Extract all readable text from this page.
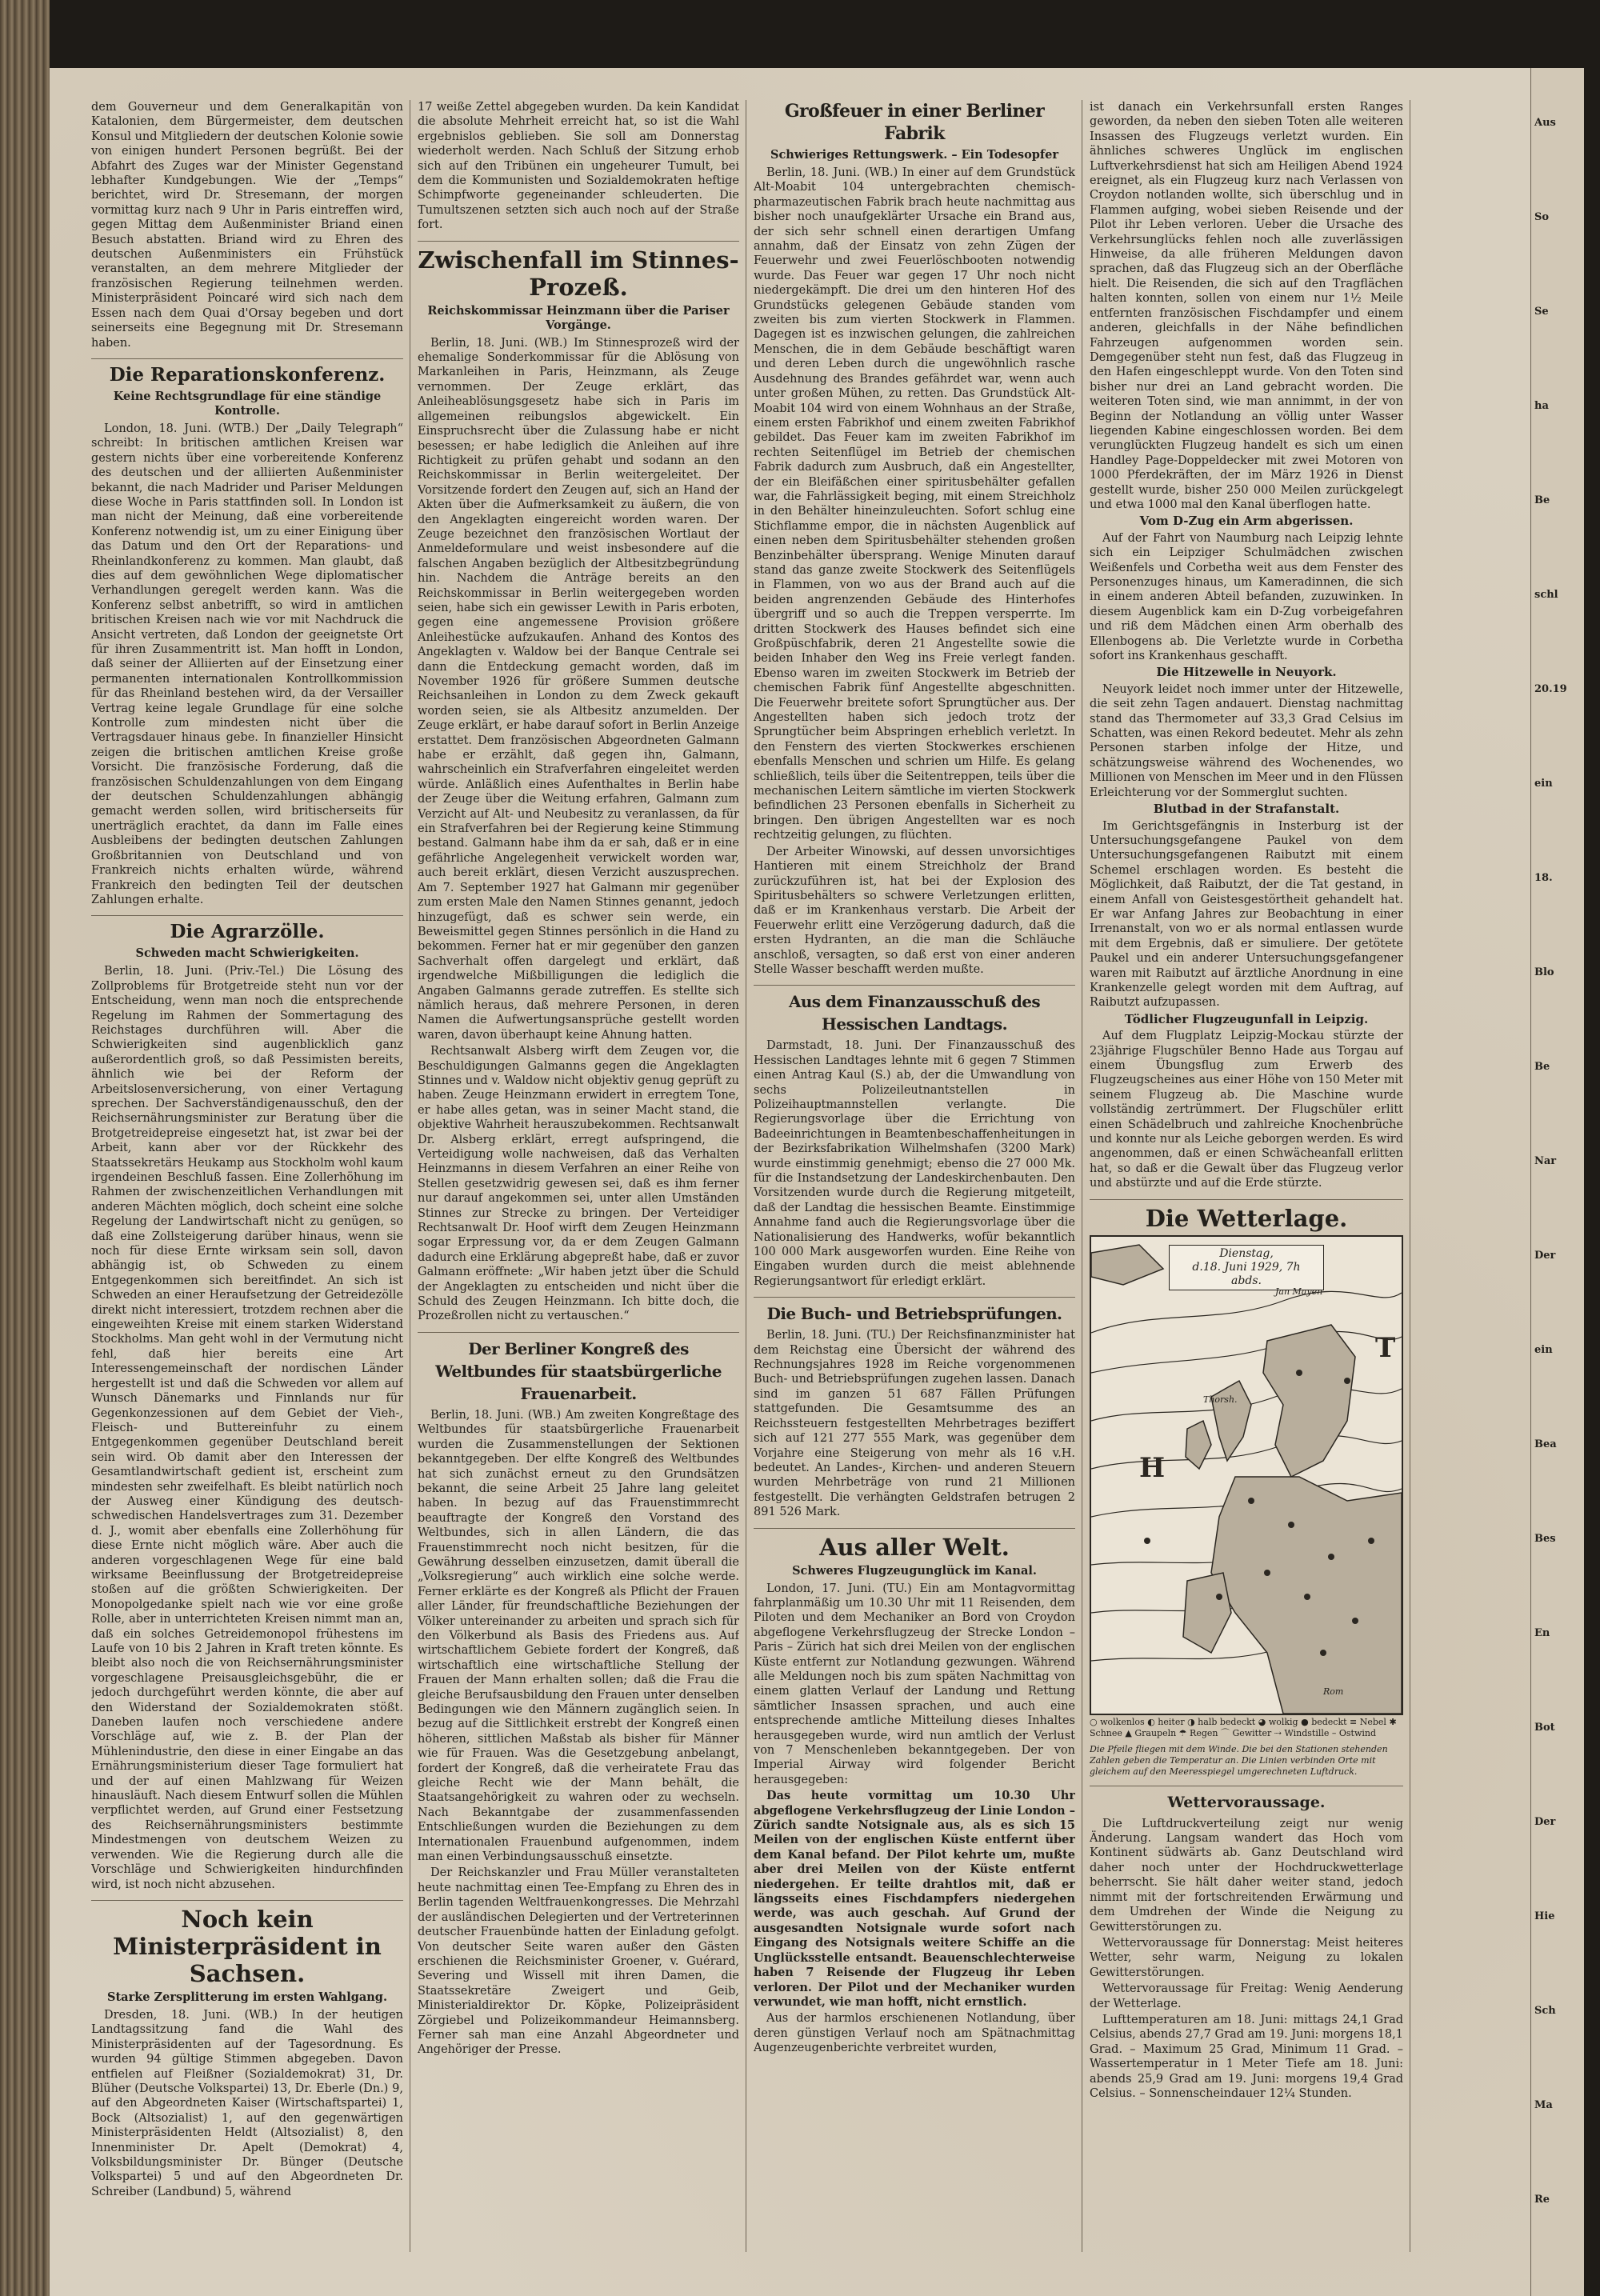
dem Gouverneur und dem Generalkapitän von Katalonien, dem Bürgermeister, dem deutschen Konsul und Mitgliedern der deutschen Kolonie sowie von einigen hundert Personen begrüßt. Bei der Abfahrt des Zuges war der Minister Gegenstand lebhafter Kundgebungen. Wie der „Temps“ berichtet, wird Dr. Stresemann, der morgen vormittag kurz nach 9 Uhr in Paris eintreffen wird, gegen Mittag dem Außenminister Briand einen Besuch abstatten. Briand wird zu Ehren des deutschen Außenministers ein Frühstück veranstalten, an dem mehrere Mitglieder der französischen Regierung teilnehmen werden. Ministerpräsident Poincaré wird sich nach dem Essen nach dem Quai d'Orsay begeben und dort seinerseits eine Begegnung mit Dr. Stresemann haben.

Die Reparationskonferenz.
Keine Rechtsgrundlage für eine ständige Kontrolle.

London, 18. Juni. (WTB.) Der „Daily Telegraph“ schreibt: In britischen amtlichen Kreisen war gestern nichts über eine vorbereitende Konferenz des deutschen und der alliierten Außenminister bekannt, die nach Madrider und Pariser Meldungen diese Woche in Paris stattfinden soll. In London ist man nicht der Meinung, daß eine vorbereitende Konferenz notwendig ist, um zu einer Einigung über das Datum und den Ort der Reparations- und Rheinlandkonferenz zu kommen. Man glaubt, daß dies auf dem gewöhnlichen Wege diplomatischer Verhandlungen geregelt werden kann. Was die Konferenz selbst anbetrifft, so wird in amtlichen britischen Kreisen nach wie vor mit Nachdruck die Ansicht vertreten, daß London der geeignetste Ort für ihren Zusammentritt ist. Man hofft in London, daß seiner der Alliierten auf der Einsetzung einer permanenten internationalen Kontrollkommission für das Rheinland bestehen wird, da der Versailler Vertrag keine legale Grundlage für eine solche Kontrolle zum mindesten nicht über die Vertragsdauer hinaus gebe. In finanzieller Hinsicht zeigen die britischen amtlichen Kreise große Vorsicht. Die französische Forderung, daß die französischen Schuldenzahlungen von dem Eingang der deutschen Schuldenzahlungen abhängig gemacht werden sollen, wird britischerseits für unerträglich erachtet, da dann im Falle eines Ausbleibens der bedingten deutschen Zahlungen Großbritannien von Deutschland und von Frankreich nichts erhalten würde, während Frankreich den bedingten Teil der deutschen Zahlungen erhalte.

Die Agrarzölle.
Schweden macht Schwierigkeiten.

Berlin, 18. Juni. (Priv.-Tel.) Die Lösung des Zollproblems für Brotgetreide steht nun vor der Entscheidung, wenn man noch die entsprechende Regelung im Rahmen der Sommertagung des Reichstages durchführen will. Aber die Schwierigkeiten sind augenblicklich ganz außerordentlich groß, so daß Pessimisten bereits, ähnlich wie bei der Reform der Arbeitslosenversicherung, von einer Vertagung sprechen. Der Sachverständigenausschuß, den der Reichsernährungsminister zur Beratung über die Brotgetreidepreise eingesetzt hat, ist zwar bei der Arbeit, kann aber vor der Rückkehr des Staatssekretärs Heukamp aus Stockholm wohl kaum irgendeinen Beschluß fassen. Eine Zollerhöhung im Rahmen der zwischenzeitlichen Verhandlungen mit anderen Mächten möglich, doch scheint eine solche Regelung der Landwirtschaft nicht zu genügen, so daß eine Zollsteigerung darüber hinaus, wenn sie noch für diese Ernte wirksam sein soll, davon abhängig ist, ob Schweden zu einem Entgegenkommen sich bereitfindet. An sich ist Schweden an einer Heraufsetzung der Getreidezölle direkt nicht interessiert, trotzdem rechnen aber die eingeweihten Kreise mit einem starken Widerstand Stockholms. Man geht wohl in der Vermutung nicht fehl, daß hier bereits eine Art Interessengemeinschaft der nordischen Länder hergestellt ist und daß die Schweden vor allem auf Wunsch Dänemarks und Finnlands nur für Gegenkonzessionen auf dem Gebiet der Vieh-, Fleisch- und Buttereinfuhr zu einem Entgegenkommen gegenüber Deutschland bereit sein wird. Ob damit aber den Interessen der Gesamtlandwirtschaft gedient ist, erscheint zum mindesten sehr zweifelhaft. Es bleibt natürlich noch der Ausweg einer Kündigung des deutsch-schwedischen Handelsvertrages zum 31. Dezember d. J., womit aber ebenfalls eine Zollerhöhung für diese Ernte nicht möglich wäre. Aber auch die anderen vorgeschlagenen Wege für eine bald wirksame Beeinflussung der Brotgetreidepreise stoßen auf die größten Schwierigkeiten. Der Monopolgedanke spielt nach wie vor eine große Rolle, aber in unterrichteten Kreisen nimmt man an, daß ein solches Getreidemonopol frühestens im Laufe von 10 bis 2 Jahren in Kraft treten könnte. Es bleibt also noch die von Reichsernährungsminister vorgeschlagene Preisausgleichsgebühr, die er jedoch durchgeführt werden könnte, die aber auf den Widerstand der Sozialdemokraten stößt. Daneben laufen noch verschiedene andere Vorschläge auf, wie z. B. der Plan der Mühlenindustrie, den diese in einer Eingabe an das Ernährungsministerium dieser Tage formuliert hat und der auf einen Mahlzwang für Weizen hinausläuft. Nach diesem Entwurf sollen die Mühlen verpflichtet werden, auf Grund einer Festsetzung des Reichsernährungsministers bestimmte Mindestmengen von deutschem Weizen zu verwenden. Wie die Regierung durch alle die Vorschläge und Schwierigkeiten hindurchfinden wird, ist noch nicht abzusehen.

Noch kein Ministerpräsident in Sachsen.
Starke Zersplitterung im ersten Wahlgang.

Dresden, 18. Juni. (WB.) In der heutigen Landtagssitzung fand die Wahl des Ministerpräsidenten auf der Tagesordnung. Es wurden 94 gültige Stimmen abgegeben. Davon entfielen auf Fleißner (Sozialdemokrat) 31, Dr. Blüher (Deutsche Volkspartei) 13, Dr. Eberle (Dn.) 9, auf den Abgeordneten Kaiser (Wirtschaftspartei) 1, Bock (Altsozialist) 1, auf den gegenwärtigen Ministerpräsidenten Heldt (Altsozialist) 8, den Innenminister Dr. Apelt (Demokrat) 4, Volksbildungsminister Dr. Bünger (Deutsche Volkspartei) 5 und auf den Abgeordneten Dr. Schreiber (Landbund) 5, während

17 weiße Zettel abgegeben wurden. Da kein Kandidat die absolute Mehrheit erreicht hat, so ist die Wahl ergebnislos geblieben. Sie soll am Donnerstag wiederholt werden. Nach Schluß der Sitzung erhob sich auf den Tribünen ein ungeheurer Tumult, bei dem die Kommunisten und Sozialdemokraten heftige Schimpfworte gegeneinander schleuderten. Die Tumultszenen setzten sich auch noch auf der Straße fort.

Zwischenfall im Stinnes-Prozeß.
Reichskommissar Heinzmann über die Pariser Vorgänge.

Berlin, 18. Juni. (WB.) Im Stinnesprozeß wird der ehemalige Sonderkommissar für die Ablösung von Markanleihen in Paris, Heinzmann, als Zeuge vernommen. Der Zeuge erklärt, das Anleiheablösungsgesetz habe sich in Paris im allgemeinen reibungslos abgewickelt. Ein Einspruchsrecht über die Zulassung habe er nicht besessen; er habe lediglich die Anleihen auf ihre Richtigkeit zu prüfen gehabt und sodann an den Reichskommissar in Berlin weitergeleitet. Der Vorsitzende fordert den Zeugen auf, sich an Hand der Akten über die Aufmerksamkeit zu äußern, die von den Angeklagten eingereicht worden waren. Der Zeuge bezeichnet den französischen Wortlaut der Anmeldeformulare und weist insbesondere auf die falschen Angaben bezüglich der Altbesitzbegründung hin. Nachdem die Anträge bereits an den Reichskommissar in Berlin weitergegeben worden seien, habe sich ein gewisser Lewith in Paris erboten, gegen eine angemessene Provision größere Anleihestücke aufzukaufen. Anhand des Kontos des Angeklagten v. Waldow bei der Banque Centrale sei dann die Entdeckung gemacht worden, daß im November 1926 für größere Summen deutsche Reichsanleihen in London zu dem Zweck gekauft worden seien, sie als Altbesitz anzumelden. Der Zeuge erklärt, er habe darauf sofort in Berlin Anzeige erstattet. Dem französischen Abgeordneten Galmann habe er erzählt, daß gegen ihn, Galmann, wahrscheinlich ein Strafverfahren eingeleitet werden würde. Anläßlich eines Aufenthaltes in Berlin habe der Zeuge über die Weitung erfahren, Galmann zum Verzicht auf Alt- und Neubesitz zu veranlassen, da für ein Strafverfahren bei der Regierung keine Stimmung bestand. Galmann habe ihm da er sah, daß er in eine gefährliche Angelegenheit verwickelt worden war, auch bereit erklärt, diesen Verzicht auszusprechen. Am 7. September 1927 hat Galmann mir gegenüber zum ersten Male den Namen Stinnes genannt, jedoch hinzugefügt, daß es schwer sein werde, ein Beweismittel gegen Stinnes persönlich in die Hand zu bekommen. Ferner hat er mir gegenüber den ganzen Sachverhalt offen dargelegt und erklärt, daß irgendwelche Mißbilligungen die lediglich die Angaben Galmanns gerade zutreffen. Es stellte sich nämlich heraus, daß mehrere Personen, in deren Namen die Aufwertungsansprüche gestellt worden waren, davon überhaupt keine Ahnung hatten.

Rechtsanwalt Alsberg wirft dem Zeugen vor, die Beschuldigungen Galmanns gegen die Angeklagten Stinnes und v. Waldow nicht objektiv genug geprüft zu haben. Zeuge Heinzmann erwidert in erregtem Tone, er habe alles getan, was in seiner Macht stand, die objektive Wahrheit herauszubekommen. Rechtsanwalt Dr. Alsberg erklärt, erregt aufspringend, die Verteidigung wolle nachweisen, daß das Verhalten Heinzmanns in diesem Verfahren an einer Reihe von Stellen gesetzwidrig gewesen sei, daß es ihm ferner nur darauf angekommen sei, unter allen Umständen Stinnes zur Strecke zu bringen. Der Verteidiger Rechtsanwalt Dr. Hoof wirft dem Zeugen Heinzmann sogar Erpressung vor, da er dem Zeugen Galmann dadurch eine Erklärung abgepreßt habe, daß er zuvor Galmann eröffnete: „Wir haben jetzt über die Schuld der Angeklagten zu entscheiden und nicht über die Schuld des Zeugen Heinzmann. Ich bitte doch, die Prozeßrollen nicht zu vertauschen.“

Der Berliner Kongreß des Weltbundes für staatsbürgerliche Frauenarbeit.

Berlin, 18. Juni. (WB.) Am zweiten Kongreßtage des Weltbundes für staatsbürgerliche Frauenarbeit wurden die Zusammenstellungen der Sektionen bekanntgegeben. Der elfte Kongreß des Weltbundes hat sich zunächst erneut zu den Grundsätzen bekannt, die seine Arbeit 25 Jahre lang geleitet haben. In bezug auf das Frauenstimmrecht beauftragte der Kongreß den Vorstand des Weltbundes, sich in allen Ländern, die das Frauenstimmrecht noch nicht besitzen, für die Gewährung desselben einzusetzen, damit überall die „Volksregierung“ auch wirklich eine solche werde. Ferner erklärte es der Kongreß als Pflicht der Frauen aller Länder, für freundschaftliche Beziehungen der Völker untereinander zu arbeiten und sprach sich für den Völkerbund als Basis des Friedens aus. Auf wirtschaftlichem Gebiete fordert der Kongreß, daß wirtschaftlich eine wirtschaftliche Stellung der Frauen der Mann erhalten sollen; daß die Frau die gleiche Berufsausbildung den Frauen unter denselben Bedingungen wie den Männern zugänglich seien. In bezug auf die Sittlichkeit erstrebt der Kongreß einen höheren, sittlichen Maßstab als bisher für Männer wie für Frauen. Was die Gesetzgebung anbelangt, fordert der Kongreß, daß die verheiratete Frau das gleiche Recht wie der Mann behält, die Staatsangehörigkeit zu wahren oder zu wechseln. Nach Bekanntgabe der zusammenfassenden Entschließungen wurden die Beziehungen zu dem Internationalen Frauenbund aufgenommen, indem man einen Verbindungsausschuß einsetzte.

Der Reichskanzler und Frau Müller veranstalteten heute nachmittag einen Tee-Empfang zu Ehren des in Berlin tagenden Weltfrauenkongresses. Die Mehrzahl der ausländischen Delegierten und der Vertreterinnen deutscher Frauenbünde hatten der Einladung gefolgt. Von deutscher Seite waren außer den Gästen erschienen die Reichsminister Groener, v. Guérard, Severing und Wissell mit ihren Damen, die Staatssekretäre Zweigert und Geib, Ministerialdirektor Dr. Köpke, Polizeipräsident Zörgiebel und Polizeikommandeur Heimannsberg. Ferner sah man eine Anzahl Abgeordneter und Angehöriger der Presse.

Großfeuer in einer Berliner Fabrik
Schwieriges Rettungswerk. – Ein Todesopfer

Berlin, 18. Juni. (WB.) In einer auf dem Grundstück Alt-Moabit 104 untergebrachten chemisch-pharmazeutischen Fabrik brach heute nachmittag aus bisher noch unaufgeklärter Ursache ein Brand aus, der sich sehr schnell einen derartigen Umfang annahm, daß der Einsatz von zehn Zügen der Feuerwehr und zwei Feuerlöschbooten notwendig wurde. Das Feuer war gegen 17 Uhr noch nicht niedergekämpft. Die drei um den hinteren Hof des Grundstücks gelegenen Gebäude standen vom zweiten bis zum vierten Stockwerk in Flammen. Dagegen ist es inzwischen gelungen, die zahlreichen Menschen, die in dem Gebäude beschäftigt waren und deren Leben durch die ungewöhnlich rasche Ausdehnung des Brandes gefährdet war, wenn auch unter großen Mühen, zu retten. Das Grundstück Alt-Moabit 104 wird von einem Wohnhaus an der Straße, einem ersten Fabrikhof und einem zweiten Fabrikhof gebildet. Das Feuer kam im zweiten Fabrikhof im rechten Seitenflügel im Betrieb der chemischen Fabrik dadurch zum Ausbruch, daß ein Angestellter, der ein Bleifäßchen einer spiritusbehälter gefallen war, die Fahrlässigkeit beging, mit einem Streichholz in den Behälter hineinzuleuchten. Sofort schlug eine Stichflamme empor, die in nächsten Augenblick auf einen neben dem Spiritusbehälter stehenden großen Benzinbehälter übersprang. Wenige Minuten darauf stand das ganze zweite Stockwerk des Seitenflügels in Flammen, von wo aus der Brand auch auf die beiden angrenzenden Gebäude des Hinterhofes übergriff und so auch die Treppen versperrte. Im dritten Stockwerk des Hauses befindet sich eine Großpüschfabrik, deren 21 Angestellte sowie die beiden Inhaber den Weg ins Freie verlegt fanden. Ebenso waren im zweiten Stockwerk im Betrieb der chemischen Fabrik fünf Angestellte abgeschnitten. Die Feuerwehr breitete sofort Sprungtücher aus. Der Angestellten haben sich jedoch trotz der Sprungtücher beim Abspringen erheblich verletzt. In den Fenstern des vierten Stockwerkes erschienen ebenfalls Menschen und schrien um Hilfe. Es gelang schließlich, teils über die Seitentreppen, teils über die mechanischen Leitern sämtliche im vierten Stockwerk befindlichen 23 Personen ebenfalls in Sicherheit zu bringen. Den übrigen Angestellten war es noch rechtzeitig gelungen, zu flüchten.

Der Arbeiter Winowski, auf dessen unvorsichtiges Hantieren mit einem Streichholz der Brand zurückzuführen ist, hat bei der Explosion des Spiritusbehälters so schwere Verletzungen erlitten, daß er im Krankenhaus verstarb. Die Arbeit der Feuerwehr erlitt eine Verzögerung dadurch, daß die ersten Hydranten, an die man die Schläuche anschloß, versagten, so daß erst von einer anderen Stelle Wasser beschafft werden mußte.

Aus dem Finanzausschuß des Hessischen Landtags.

Darmstadt, 18. Juni. Der Finanzausschuß des Hessischen Landtages lehnte mit 6 gegen 7 Stimmen einen Antrag Kaul (S.) ab, der die Umwandlung von sechs Polizeileutnantstellen in Polizeihauptmannstellen verlangte. Die Regierungsvorlage über die Errichtung von Badeeinrichtungen in Beamtenbeschaffenheitungen in der Bezirksfabrikation Wilhelmshafen (3200 Mark) wurde einstimmig genehmigt; ebenso die 27 000 Mk. für die Instandsetzung der Landeskirchenbauten. Den Vorsitzenden wurde durch die Regierung mitgeteilt, daß der Landtag die hessischen Beamte. Einstimmige Annahme fand auch die Regierungsvorlage über die Nationalisierung des Handwerks, wofür bekanntlich 100 000 Mark ausgeworfen wurden. Eine Reihe von Eingaben wurden durch die meist ablehnende Regierungsantwort für erledigt erklärt.

Die Buch- und Betriebsprüfungen.

Berlin, 18. Juni. (TU.) Der Reichsfinanzminister hat dem Reichstag eine Übersicht der während des Rechnungsjahres 1928 im Reiche vorgenommenen Buch- und Betriebsprüfungen zugehen lassen. Danach sind im ganzen 51 687 Fällen Prüfungen stattgefunden. Die Gesamtsumme des an Reichssteuern festgestellten Mehrbetrages beziffert sich auf 121 277 555 Mark, was gegenüber dem Vorjahre eine Steigerung von mehr als 16 v.H. bedeutet. An Landes-, Kirchen- und anderen Steuern wurden Mehrbeträge von rund 21 Millionen festgestellt. Die verhängten Geldstrafen betrugen 2 891 526 Mark.

Aus aller Welt.
Schweres Flugzeugunglück im Kanal.

London, 17. Juni. (TU.) Ein am Montagvormittag fahrplanmäßig um 10.30 Uhr mit 11 Reisenden, dem Piloten und dem Mechaniker an Bord von Croydon abgeflogene Verkehrsflugzeug der Strecke London – Paris – Zürich hat sich drei Meilen von der englischen Küste entfernt zur Notlandung gezwungen. Während alle Meldungen noch bis zum späten Nachmittag von einem glatten Verlauf der Landung und Rettung sämtlicher Insassen sprachen, und auch eine entsprechende amtliche Mitteilung dieses Inhaltes herausgegeben wurde, wird nun amtlich der Verlust von 7 Menschenleben bekanntgegeben. Der von Imperial Airway wird folgender Bericht herausgegeben:

Das heute vormittag um 10.30 Uhr abgeflogene Verkehrsflugzeug der Linie London – Zürich sandte Notsignale aus, als es sich 15 Meilen von der englischen Küste entfernt über dem Kanal befand. Der Pilot kehrte um, mußte aber drei Meilen von der Küste entfernt niedergehen. Er teilte drahtlos mit, daß er längsseits eines Fischdampfers niedergehen werde, was auch geschah. Auf Grund der ausgesandten Notsignale wurde sofort nach Eingang des Notsignals weitere Schiffe an die Unglücksstelle entsandt. Beauenschlechterweise haben 7 Reisende der Flugzeug ihr Leben verloren. Der Pilot und der Mechaniker wurden verwundet, wie man hofft, nicht ernstlich.

Aus der harmlos erschienenen Notlandung, über deren günstigen Verlauf noch am Spätnachmittag Augenzeugenberichte verbreitet wurden,

ist danach ein Verkehrsunfall ersten Ranges geworden, da neben den sieben Toten alle weiteren Insassen des Flugzeugs verletzt wurden. Ein ähnliches schweres Unglück im englischen Luftverkehrsdienst hat sich am Heiligen Abend 1924 ereignet, als ein Flugzeug kurz nach Verlassen von Croydon notlanden wollte, sich überschlug und in Flammen aufging, wobei sieben Reisende und der Pilot ihr Leben verloren. Ueber die Ursache des Verkehrsunglücks fehlen noch alle zuverlässigen Hinweise, da alle früheren Meldungen davon sprachen, daß das Flugzeug sich an der Oberfläche hielt. Die Reisenden, die sich auf den Tragflächen halten konnten, sollen von einem nur 1½ Meile entfernten französischen Fischdampfer und einem anderen, gleichfalls in der Nähe befindlichen Fahrzeugen aufgenommen worden sein. Demgegenüber steht nun fest, daß das Flugzeug in den Hafen eingeschleppt wurde. Von den Toten sind bisher nur drei an Land gebracht worden. Die weiteren Toten sind, wie man annimmt, in der von Beginn der Notlandung an völlig unter Wasser liegenden Kabine eingeschlossen worden. Bei dem verunglückten Flugzeug handelt es sich um einen Handley Page-Doppeldecker mit zwei Motoren von 1000 Pferdekräften, der im März 1926 in Dienst gestellt wurde, bisher 250 000 Meilen zurückgelegt und etwa 1000 mal den Kanal überflogen hatte.

Vom D-Zug ein Arm abgerissen.

Auf der Fahrt von Naumburg nach Leipzig lehnte sich ein Leipziger Schulmädchen zwischen Weißenfels und Corbetha weit aus dem Fenster des Personenzuges hinaus, um Kameradinnen, die sich in einem anderen Abteil befanden, zuzuwinken. In diesem Augenblick kam ein D-Zug vorbeigefahren und riß dem Mädchen einen Arm oberhalb des Ellenbogens ab. Die Verletzte wurde in Corbetha sofort ins Krankenhaus geschafft.

Die Hitzewelle in Neuyork.

Neuyork leidet noch immer unter der Hitzewelle, die seit zehn Tagen andauert. Dienstag nachmittag stand das Thermometer auf 33,3 Grad Celsius im Schatten, was einen Rekord bedeutet. Mehr als zehn Personen starben infolge der Hitze, und schätzungsweise während des Wochenendes, wo Millionen von Menschen im Meer und in den Flüssen Erleichterung vor der Sommerglut suchten.

Blutbad in der Strafanstalt.

Im Gerichtsgefängnis in Insterburg ist der Untersuchungsgefangene Paukel von dem Untersuchungsgefangenen Raibutzt mit einem Schemel erschlagen worden. Es besteht die Möglichkeit, daß Raibutzt, der die Tat gestand, in einem Anfall von Geistesgestörtheit gehandelt hat. Er war Anfang Jahres zur Beobachtung in einer Irrenanstalt, von wo er als normal entlassen wurde mit dem Ergebnis, daß er simuliere. Der getötete Paukel und ein anderer Untersuchungsgefangener waren mit Raibutzt auf ärztliche Anordnung in eine Krankenzelle gelegt worden mit dem Auftrag, auf Raibutzt aufzupassen.

Tödlicher Flugzeugunfall in Leipzig.

Auf dem Flugplatz Leipzig-Mockau stürzte der 23jährige Flugschüler Benno Hade aus Torgau auf einem Übungsflug zum Erwerb des Flugzeugscheines aus einer Höhe von 150 Meter mit seinem Flugzeug ab. Die Maschine wurde vollständig zertrümmert. Der Flugschüler erlitt einen Schädelbruch und zahlreiche Knochenbrüche und konnte nur als Leiche geborgen werden. Es wird angenommen, daß er einen Schwächeanfall erlitten hat, so daß er die Gewalt über das Flugzeug verlor und abstürzte und auf die Erde stürzte.

Die Wetterlage.
T
H
Dienstag,
d.18. Juni 1929, 7h abds.
Jan Mayen
Thorsh.
Rom
○ wolkenlos ◐ heiter ◑ halb bedeckt ◕ wolkig ● bedeckt ≡ Nebel ✱ Schnee ▲ Graupeln ☂ Regen ⌒ Gewitter ⇢ Windstille – Ostwind
Die Pfeile fliegen mit dem Winde. Die bei den Stationen stehenden Zahlen geben die Temperatur an. Die Linien verbinden Orte mit gleichem auf den Meeresspiegel umgerechneten Luftdruck.
Wettervoraussage.

Die Luftdruckverteilung zeigt nur wenig Änderung. Langsam wandert das Hoch vom Kontinent südwärts ab. Ganz Deutschland wird daher noch unter der Hochdruckwetterlage beherrscht. Sie hält daher weiter stand, jedoch nimmt mit der fortschreitenden Erwärmung und dem Umdrehen der Winde die Neigung zu Gewitterstörungen zu.

Wettervoraussage für Donnerstag: Meist heiteres Wetter, sehr warm, Neigung zu lokalen Gewitterstörungen.

Wettervoraussage für Freitag: Wenig Aenderung der Wetterlage.

Lufttemperaturen am 18. Juni: mittags 24,1 Grad Celsius, abends 27,7 Grad am 19. Juni: morgens 18,1 Grad. – Maximum 25 Grad, Minimum 11 Grad. – Wassertemperatur in 1 Meter Tiefe am 18. Juni: abends 25,9 Grad am 19. Juni: morgens 19,4 Grad Celsius. – Sonnenscheindauer 12¼ Stunden.

Aus
So
Se
ha
Be
schl
20.19
ein
18.
Blo
Be
Nar
Der
ein
Bea
Bes
En
Bot
Der
Hie
Sch
Ma
Re
